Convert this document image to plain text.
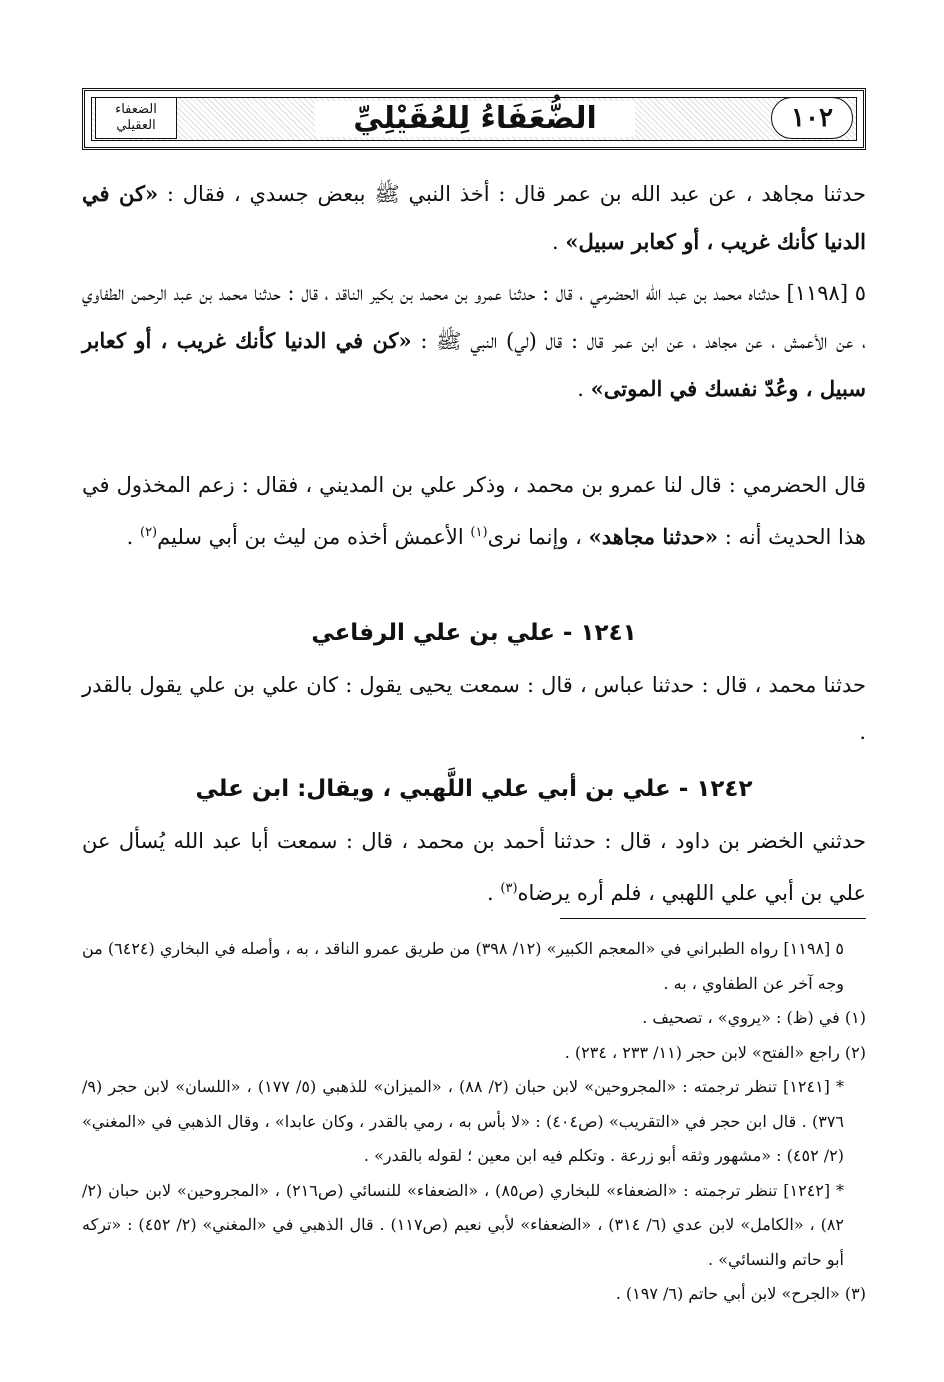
١٠٢
الضُّعَفَاءُ لِلعُقَيْلِيِّ
الضعفاء العقيلي

حدثنا مجاهد ، عن عبد الله بن عمر قال : أخذ النبي ﷺ ببعض جسدي ، فقال : «كن في الدنيا كأنك غريب ، أو كعابر سبيل» .

٥ [١١٩٨] حدثناه محمد بن عبد الله الحضرمي ، قال : حدثنا عمرو بن محمد بن بكير الناقد ، قال : حدثنا محمد بن عبد الرحمن الطفاوي ، عن الأعمش ، عن مجاهد ، عن ابن عمر قال : قال (لي) النبي ﷺ : «كن في الدنيا كأنك غريب ، أو كعابر سبيل ، وعُدّ نفسك في الموتى» .

قال الحضرمي : قال لنا عمرو بن محمد ، وذكر علي بن المديني ، فقال : زعم المخذول في هذا الحديث أنه : «حدثنا مجاهد» ، وإنما نرى$^{(١)}$ الأعمش أخذه من ليث بن أبي سليم$^{(٢)}$ .

١٢٤١ - علي بن علي الرفاعي

حدثنا محمد ، قال : حدثنا عباس ، قال : سمعت يحيى يقول : كان علي بن علي يقول بالقدر .

١٢٤٢ - علي بن أبي علي اللَّهبي ، ويقال: ابن علي

حدثني الخضر بن داود ، قال : حدثنا أحمد بن محمد ، قال : سمعت أبا عبد الله يُسأل عن علي بن أبي علي اللهبي ، فلم أره يرضاه$^{(٣)}$ .

٥ [١١٩٨] رواه الطبراني في «المعجم الكبير» (١٢/ ٣٩٨) من طريق عمرو الناقد ، به ، وأصله في البخاري (٦٤٢٤) من وجه آخر عن الطفاوي ، به .

(١) في (ظ) : «يروي» ، تصحيف .

(٢) راجع «الفتح» لابن حجر (١١/ ٢٣٣ ، ٢٣٤) .

* [١٢٤١] تنظر ترجمته : «المجروحين» لابن حبان (٢/ ٨٨) ، «الميزان» للذهبي (٥/ ١٧٧) ، «اللسان» لابن حجر (٩/ ٣٧٦) . قال ابن حجر في «التقريب» (ص٤٠٤) : «لا بأس به ، رمي بالقدر ، وكان عابدا» ، وقال الذهبي في «المغني» (٢/ ٤٥٢) : «مشهور وثقه أبو زرعة . وتكلم فيه ابن معين ؛ لقوله بالقدر» .

* [١٢٤٢] تنظر ترجمته : «الضعفاء» للبخاري (ص٨٥) ، «الضعفاء» للنسائي (ص٢١٦) ، «المجروحين» لابن حبان (٢/ ٨٢) ، «الكامل» لابن عدي (٦/ ٣١٤) ، «الضعفاء» لأبي نعيم (ص١١٧) . قال الذهبي في «المغني» (٢/ ٤٥٢) : «تركه أبو حاتم والنسائي» .

(٣) «الجرح» لابن أبي حاتم (٦/ ١٩٧) .
